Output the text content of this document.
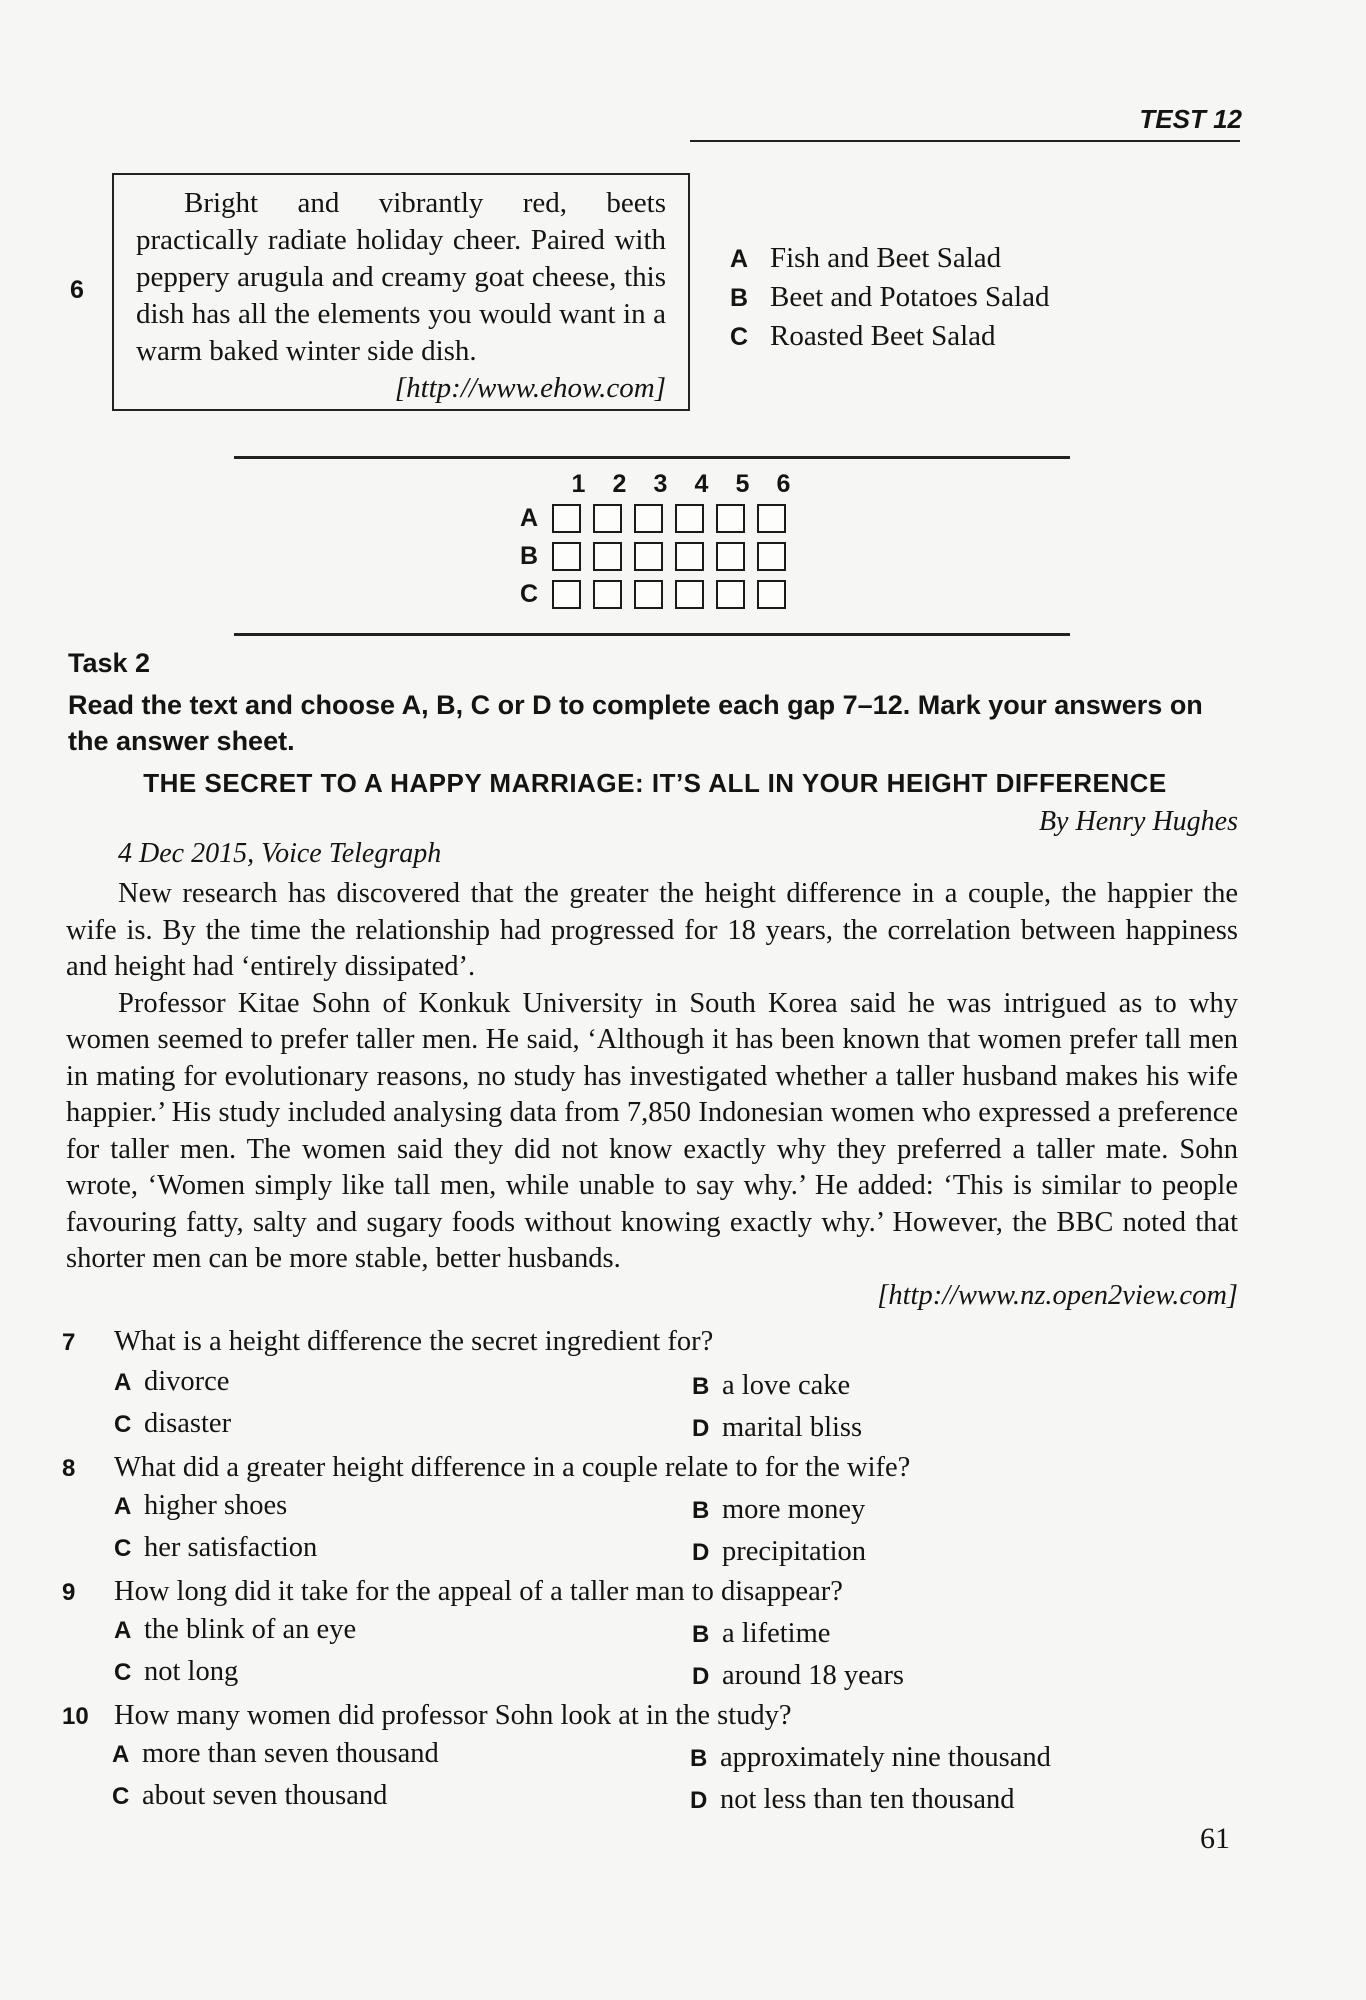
TEST 12
6

Bright and vibrantly red, beets practically radiate holiday cheer. Paired with peppery arugula and creamy goat cheese, this dish has all the elements you would want in a warm baked winter side dish.

[http://www.ehow.com]

A Fish and Beet Salad
B Beet and Potatoes Salad
C Roasted Beet Salad
1 2 3 4 5 6
A
B
C
Task 2
Read the text and choose A, B, C or D to complete each gap 7–12. Mark your answers on the answer sheet.
THE SECRET TO A HAPPY MARRIAGE: IT’S ALL IN YOUR HEIGHT DIFFERENCE
By Henry Hughes
4 Dec 2015, Voice Telegraph

New research has discovered that the greater the height difference in a couple, the happier the wife is. By the time the relationship had progressed for 18 years, the correlation between happiness and height had ‘entirely dissipated’.

Professor Kitae Sohn of Konkuk University in South Korea said he was intrigued as to why women seemed to prefer taller men. He said, ‘Although it has been known that women prefer tall men in mating for evolutionary reasons, no study has investigated whether a taller husband makes his wife happier.’ His study included analysing data from 7,850 Indonesian women who expressed a preference for taller men. The women said they did not know exactly why they preferred a taller mate. Sohn wrote, ‘Women simply like tall men, while unable to say why.’ He added: ‘This is similar to people favouring fatty, salty and sugary foods without knowing exactly why.’ However, the BBC noted that shorter men can be more stable, better husbands.

[http://www.nz.open2view.com]

7 What is a height difference the secret ingredient for?
A divorce	B a love cake
C disaster	D marital bliss
8 What did a greater height difference in a couple relate to for the wife?
A higher shoes	B more money
C her satisfaction	D precipitation
9 How long did it take for the appeal of a taller man to disappear?
A the blink of an eye	B a lifetime
C not long	D around 18 years
10 How many women did professor Sohn look at in the study?
A more than seven thousand	B approximately nine thousand
C about seven thousand	D not less than ten thousand
61
